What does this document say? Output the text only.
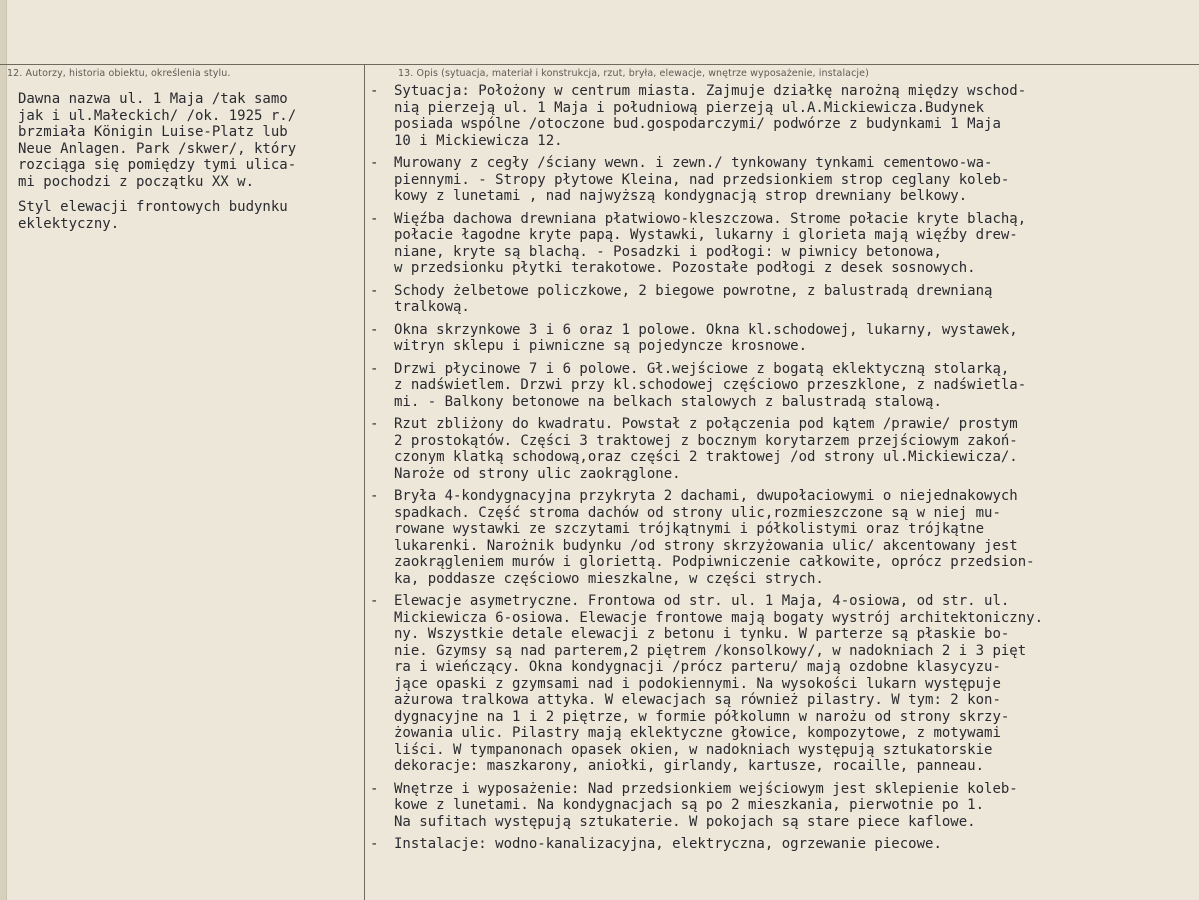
12. Autorzy, historia obiektu, określenia stylu.	13. Opis (sytuacja, materiał i konstrukcja, rzut, bryła, elewacje, wnętrze wyposażenie, instalacje)

Dawna nazwa ul. 1 Maja /tak samo
jak i ul.Małeckich/ /ok. 1925 r./
brzmiała Königin Luise-Platz lub
Neue Anlagen. Park /skwer/, który
rozciąga się pomiędzy tymi ulica-
mi pochodzi z początku XX w.

Styl elewacji frontowych budynku
eklektyczny.

-	Sytuacja: Położony w centrum miasta. Zajmuje działkę narożną między wschod-
nią pierzeją ul. 1 Maja i południową pierzeją ul.A.Mickiewicza.Budynek
posiada wspólne /otoczone bud.gospodarczymi/ podwórze z budynkami 1 Maja
10 i Mickiewicza 12.
-	Murowany z cegły /ściany wewn. i zewn./ tynkowany tynkami cementowo-wa-
piennymi. - Stropy płytowe Kleina, nad przedsionkiem strop ceglany koleb-
kowy z lunetami , nad najwyższą kondygnacją strop drewniany belkowy.
-	Więźba dachowa drewniana płatwiowo-kleszczowa. Strome połacie kryte blachą,
połacie łagodne kryte papą. Wystawki, lukarny i glorieta mają więźby drew-
niane, kryte są blachą. - Posadzki i podłogi: w piwnicy betonowa,
w przedsionku płytki terakotowe. Pozostałe podłogi z desek sosnowych.
-	Schody żelbetowe policzkowe, 2 biegowe powrotne, z balustradą drewnianą
tralkową.
-	Okna skrzynkowe 3 i 6 oraz 1 polowe. Okna kl.schodowej, lukarny, wystawek,
witryn sklepu i piwniczne są pojedyncze krosnowe.
-	Drzwi płycinowe 7 i 6 polowe. Gł.wejściowe z bogatą eklektyczną stolarką,
z nadświetlem. Drzwi przy kl.schodowej częściowo przeszklone, z nadświetla-
mi. - Balkony betonowe na belkach stalowych z balustradą stalową.
-	Rzut zbliżony do kwadratu. Powstał z połączenia pod kątem /prawie/ prostym
2 prostokątów. Części 3 traktowej z bocznym korytarzem przejściowym zakoń-
czonym klatką schodową,oraz części 2 traktowej /od strony ul.Mickiewicza/.
Naroże od strony ulic zaokrąglone.
-	Bryła 4-kondygnacyjna przykryta 2 dachami, dwupołaciowymi o niejednakowych
spadkach. Część stroma dachów od strony ulic,rozmieszczone są w niej mu-
rowane wystawki ze szczytami trójkątnymi i półkolistymi oraz trójkątne
lukarenki. Narożnik budynku /od strony skrzyżowania ulic/ akcentowany jest
zaokrągleniem murów i gloriettą. Podpiwniczenie całkowite, oprócz przedsion-
ka, poddasze częściowo mieszkalne, w części strych.
-	Elewacje asymetryczne. Frontowa od str. ul. 1 Maja, 4-osiowa, od str. ul.
Mickiewicza 6-osiowa. Elewacje frontowe mają bogaty wystrój architektoniczny.
ny. Wszystkie detale elewacji z betonu i tynku. W parterze są płaskie bo-
nie. Gzymsy są nad parterem,2 piętrem /konsolkowy/, w nadokniach 2 i 3 pięt
ra i wieńczący. Okna kondygnacji /prócz parteru/ mają ozdobne klasycyzu-
jące opaski z gzymsami nad i podokiennymi. Na wysokości lukarn występuje
ażurowa tralkowa attyka. W elewacjach są również pilastry. W tym: 2 kon-
dygnacyjne na 1 i 2 piętrze, w formie półkolumn w narożu od strony skrzy-
żowania ulic. Pilastry mają eklektyczne głowice, kompozytowe, z motywami
liści. W tympanonach opasek okien, w nadokniach występują sztukatorskie
dekoracje: maszkarony, aniołki, girlandy, kartusze, rocaille, panneau.
-	Wnętrze i wyposażenie: Nad przedsionkiem wejściowym jest sklepienie koleb-
kowe z lunetami. Na kondygnacjach są po 2 mieszkania, pierwotnie po 1.
Na sufitach występują sztukaterie. W pokojach są stare piece kaflowe.
-	Instalacje: wodno-kanalizacyjna, elektryczna, ogrzewanie piecowe.
